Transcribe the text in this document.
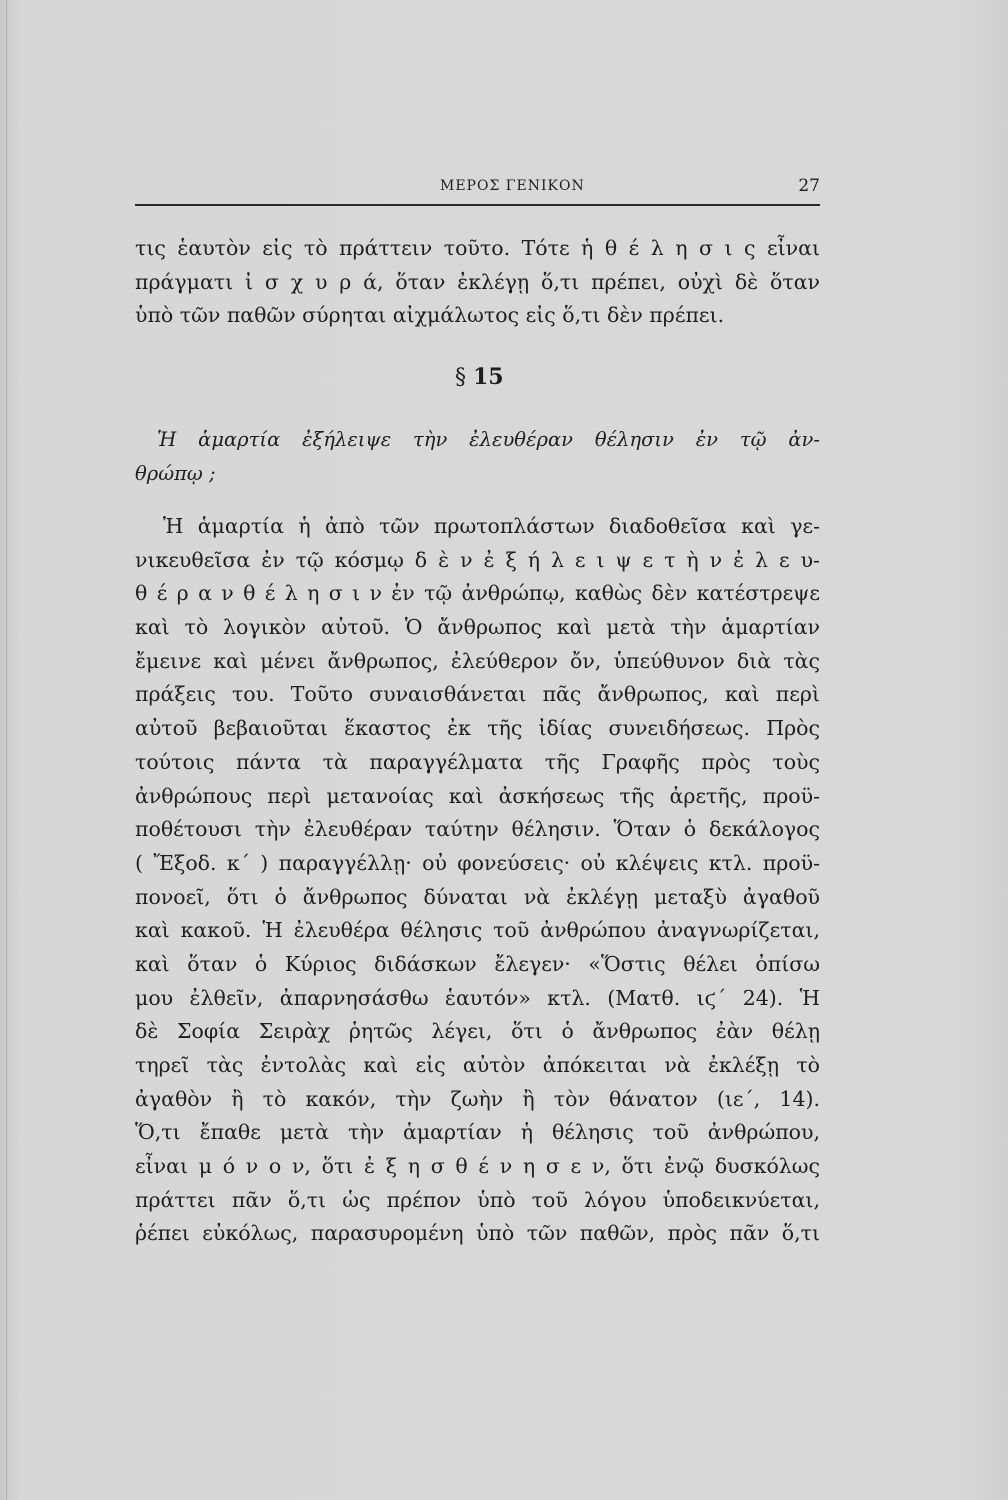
ΜΕΡΟΣ ΓΕΝΙΚΟΝ	27
τις ἑαυτὸν εἰς τὸ πράττειν τοῦτο. Τότε ἡ θ έ λ η σ ι ς εἶναι
πράγματι ἰ σ χ υ ρ ά, ὅταν ἐκλέγῃ ὅ,τι πρέπει, οὐχὶ δὲ ὅταν
ὑπὸ τῶν παθῶν σύρηται αἰχμάλωτος εἰς ὅ,τι δὲν πρέπει.
§ 15
Ἡ ἁμαρτία ἐξήλειψε τὴν ἐλευθέραν θέλησιν ἐν τῷ ἀν-
θρώπῳ ;
Ἡ ἁμαρτία ἡ ἀπὸ τῶν πρωτοπλάστων διαδοθεῖσα καὶ γε-
νικευθεῖσα ἐν τῷ κόσμῳ δ ὲ ν ἐ ξ ή λ ε ι ψ ε τ ὴ ν ἐ λ ε υ-
θ έ ρ α ν θ έ λ η σ ι ν ἐν τῷ ἀνθρώπῳ, καθὼς δὲν κατέστρεψε
καὶ τὸ λογικὸν αὐτοῦ. Ὁ ἄνθρωπος καὶ μετὰ τὴν ἁμαρτίαν
ἔμεινε καὶ μένει ἄνθρωπος, ἐλεύθερον ὄν, ὑπεύθυνον διὰ τὰς
πράξεις του. Τοῦτο συναισθάνεται πᾶς ἄνθρωπος, καὶ περὶ
αὐτοῦ βεβαιοῦται ἕκαστος ἐκ τῆς ἰδίας συνειδήσεως. Πρὸς
τούτοις πάντα τὰ παραγγέλματα τῆς Γραφῆς πρὸς τοὺς
ἀνθρώπους περὶ μετανοίας καὶ ἀσκήσεως τῆς ἀρετῆς, προϋ-
ποθέτουσι τὴν ἐλευθέραν ταύτην θέλησιν. Ὅταν ὁ δεκάλογος
( Ἔξοδ. κ΄ ) παραγγέλλῃ· οὐ φονεύσεις· οὐ κλέψεις κτλ. προϋ-
πονοεῖ, ὅτι ὁ ἄνθρωπος δύναται νὰ ἐκλέγῃ μεταξὺ ἀγαθοῦ
καὶ κακοῦ. Ἡ ἐλευθέρα θέλησις τοῦ ἀνθρώπου ἀναγνωρίζεται,
καὶ ὅταν ὁ Κύριος διδάσκων ἔλεγεν· «Ὅστις θέλει ὀπίσω
μου ἐλθεῖν, ἀπαρνησάσθω ἑαυτόν» κτλ. (Ματθ. ιϛ΄ 24). Ἡ
δὲ Σοφία Σειρὰχ ῥητῶς λέγει, ὅτι ὁ ἄνθρωπος ἐὰν θέλῃ
τηρεῖ τὰς ἐντολὰς καὶ εἰς αὐτὸν ἀπόκειται νὰ ἐκλέξῃ τὸ
ἀγαθὸν ἢ τὸ κακόν, τὴν ζωὴν ἢ τὸν θάνατον (ιε΄, 14).
Ὅ,τι ἔπαθε μετὰ τὴν ἁμαρτίαν ἡ θέλησις τοῦ ἀνθρώπου,
εἶναι μ ό ν ο ν, ὅτι ἐ ξ η σ θ έ ν η σ ε ν, ὅτι ἐνῷ δυσκόλως
πράττει πᾶν ὅ,τι ὡς πρέπον ὑπὸ τοῦ λόγου ὑποδεικνύεται,
ῥέπει εὐκόλως, παρασυρομένη ὑπὸ τῶν παθῶν, πρὸς πᾶν ὅ,τι
